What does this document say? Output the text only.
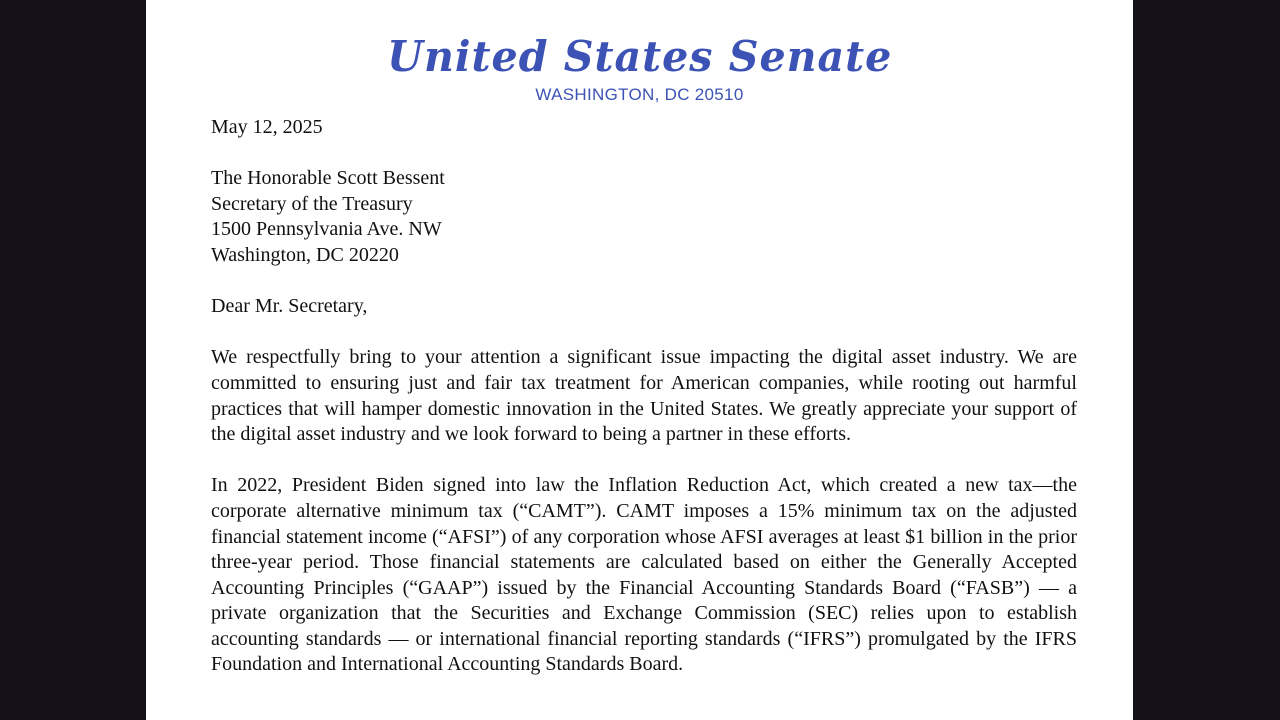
United States Senate
WASHINGTON, DC 20510

May 12, 2025

The Honorable Scott Bessent

Secretary of the Treasury

1500 Pennsylvania Ave. NW

Washington, DC 20220

Dear Mr. Secretary,

We respectfully bring to your attention a significant issue impacting the digital asset industry. We are committed to ensuring just and fair tax treatment for American companies, while rooting out harmful practices that will hamper domestic innovation in the United States. We greatly appreciate your support of the digital asset industry and we look forward to being a partner in these efforts.

In 2022, President Biden signed into law the Inflation Reduction Act, which created a new tax—the corporate alternative minimum tax (“CAMT”). CAMT imposes a 15% minimum tax on the adjusted financial statement income (“AFSI”) of any corporation whose AFSI averages at least $1 billion in the prior three-year period. Those financial statements are calculated based on either the Generally Accepted Accounting Principles (“GAAP”) issued by the Financial Accounting Standards Board (“FASB”) — a private organization that the Securities and Exchange Commission (SEC) relies upon to establish accounting standards — or international financial reporting standards (“IFRS”) promulgated by the IFRS Foundation and International Accounting Standards Board.
